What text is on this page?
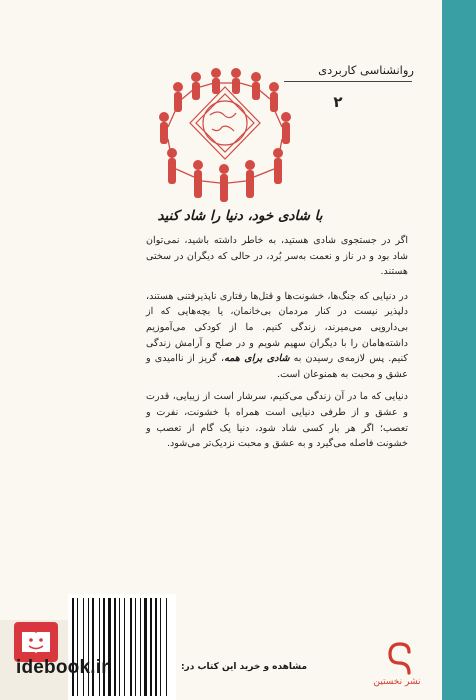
روانشناسی کاربردی
۲
با شادی خود، دنیا را شاد کنید

اگر در جستجوی شادی هستید، به خاطر داشته باشید، نمی‌توان شاد بود و در ناز و نعمت به‌سر بُرد، در حالی که دیگران در سختی هستند.

در دنیایی که جنگ‌ها، خشونت‌ها و قتل‌ها رفتاری ناپذیرفتنی هستند، دلپذیر نیست در کنار مردمان بی‌خانمان، یا بچه‌هایی که از بی‌دارویی می‌میرند، زندگی کنیم. ما از کودکی می‌آموزیم داشته‌هامان را با دیگران سهیم شویم و در صلح و آرامش زندگی کنیم. پس لازمه‌ی رسیدن به شادی برای همه، گریز از ناامیدی و عشق و محبت به همنوعان است.

دنیایی که ما در آن زندگی می‌کنیم، سرشار است از زیبایی، قدرت و عشق و از طرفی دنیایی است همراه با خشونت، نفرت و تعصب؛ اگر هر بار کسی شاد شود، دنیا یک گام از تعصب و خشونت فاصله می‌گیرد و به عشق و محبت نزدیک‌تر می‌شود.

idebook.ir	مشاهده و خرید این کتاب در:
نشر نخستین
